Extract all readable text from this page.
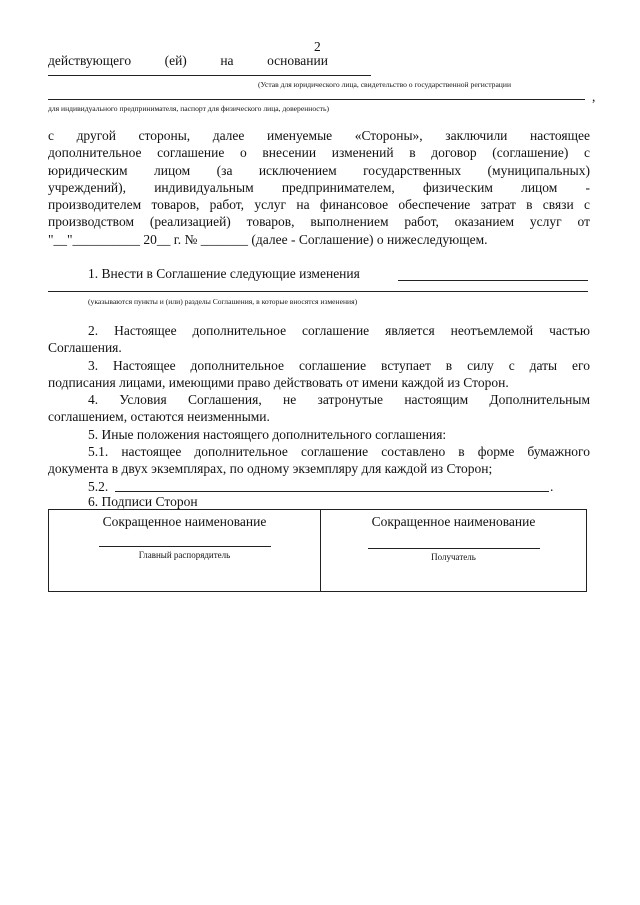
2
действующего (ей) на основании
(Устав для юридического лица, свидетельство о государственной регистрации
,
для индивидуального предпринимателя, паспорт для физического лица, доверенность)
с другой стороны, далее именуемые «Стороны», заключили настоящее
дополнительное соглашение о внесении изменений в договор (соглашение) с
юридическим лицом (за исключением государственных (муниципальных)
учреждений), индивидуальным предпринимателем, физическим лицом -
производителем товаров, работ, услуг на финансовое обеспечение затрат в связи с
производством (реализацией) товаров, выполнением работ, оказанием услуг от
"__"__________ 20__ г. № _______ (далее - Соглашение) о нижеследующем.
1. Внести в Соглашение следующие изменения
(указываются пункты и (или) разделы Соглашения, в которые вносятся изменения)
2. Настоящее дополнительное соглашение является неотъемлемой частью
Соглашения.
3. Настоящее дополнительное соглашение вступает в силу с даты его
подписания лицами, имеющими право действовать от имени каждой из Сторон.
4. Условия Соглашения, не затронутые настоящим Дополнительным
соглашением, остаются неизменными.
5. Иные положения настоящего дополнительного соглашения:
5.1. настоящее дополнительное соглашение составлено в форме бумажного
документа в двух экземплярах, по одному экземпляру для каждой из Сторон;
5.2.	.
6. Подписи Сторон
Сокращенное наименование
Главный распорядитель

Сокращенное наименование
Получатель
